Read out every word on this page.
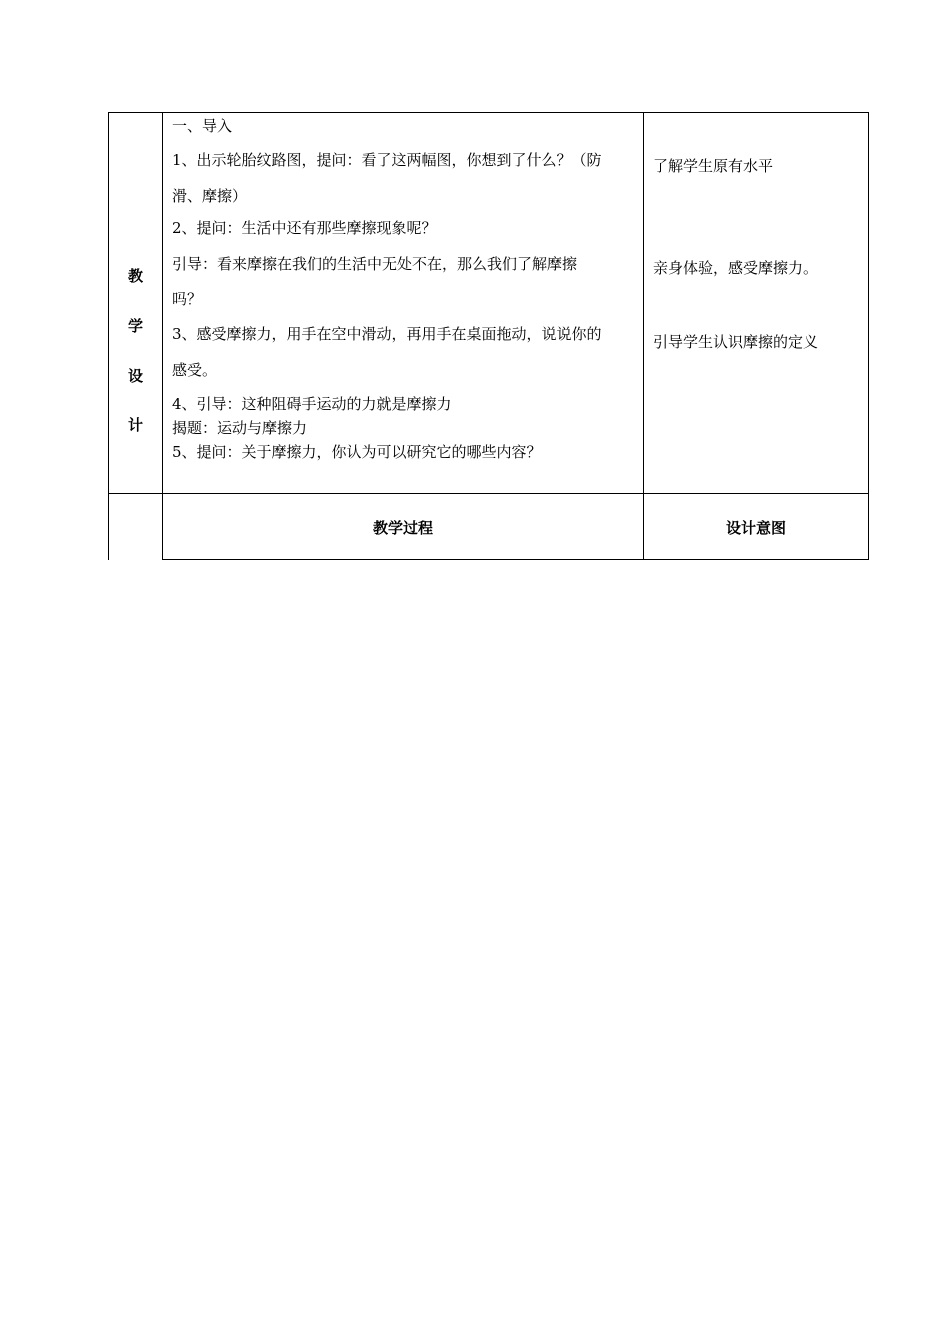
教
学
设
计
一、导入
1、出示轮胎纹路图，提问：看了这两幅图，你想到了什么？（防
滑、摩擦）
2、提问：生活中还有那些摩擦现象呢？
引导：看来摩擦在我们的生活中无处不在，那么我们了解摩擦
吗？
3、感受摩擦力，用手在空中滑动，再用手在桌面拖动，说说你的
感受。
4、引导：这种阻碍手运动的力就是摩擦力
揭题：运动与摩擦力
5、提问：关于摩擦力，你认为可以研究它的哪些内容？
了解学生原有水平
亲身体验，感受摩擦力。
引导学生认识摩擦的定义
教学过程	设计意图
